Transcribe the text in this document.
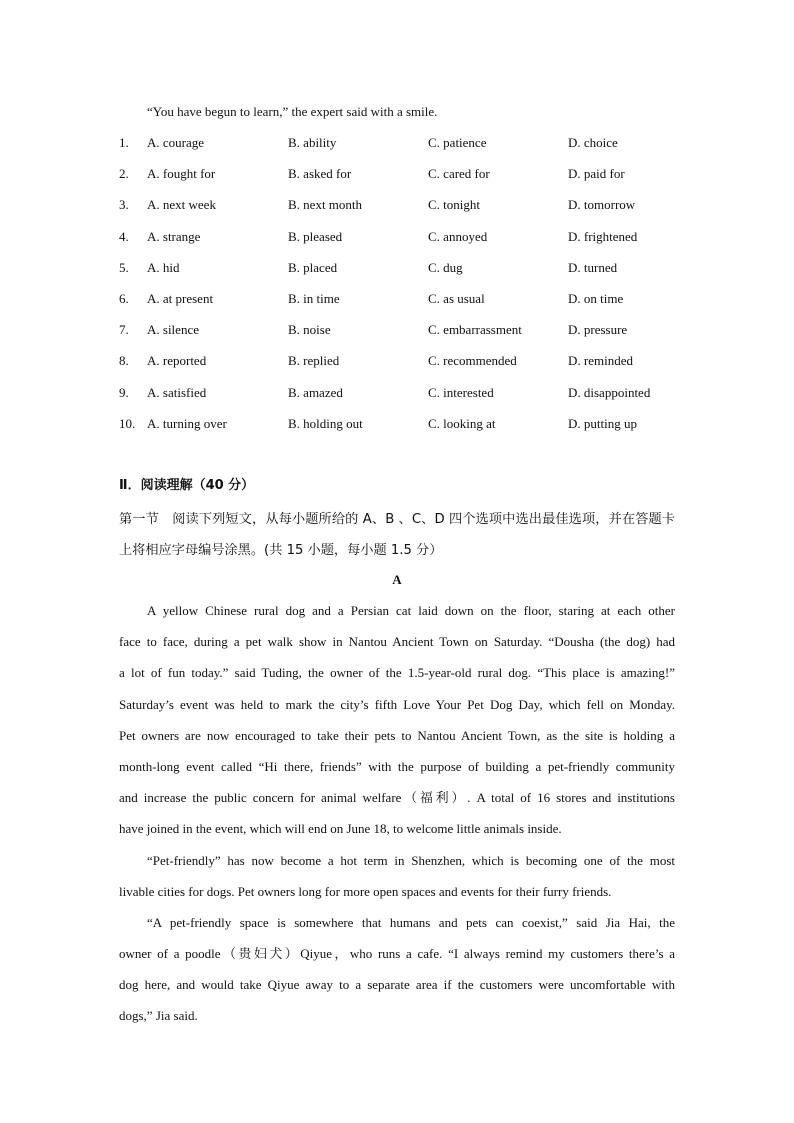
“You have begun to learn,” the expert said with a smile.
1. A. courage	B. ability	C. patience	D. choice
2. A. fought for	B. asked for	C. cared for	D. paid for
3. A. next week	B. next month	C. tonight	D. tomorrow
4. A. strange	B. pleased	C. annoyed	D. frightened
5. A. hid	B. placed	C. dug	D. turned
6. A. at present	B. in time	C. as usual	D. on time
7. A. silence	B. noise	C. embarrassment	D. pressure
8. A. reported	B. replied	C. recommended	D. reminded
9. A. satisfied	B. amazed	C. interested	D. disappointed
10. A. turning over	B. holding out	C. looking at	D. putting up
Ⅱ．阅读理解（40 分）

第一节　阅读下列短文，从每小题所给的 A、B 、C、D 四个选项中选出最佳选项，并在答题卡上将相应字母编号涂黑。(共 15 小题，每小题 1.5 分）

A
A yellow Chinese rural dog and a Persian cat laid down on the floor, staring at each other
face to face, during a pet walk show in Nantou Ancient Town on Saturday. “Dousha (the dog) had
a lot of fun today.” said Tuding, the owner of the 1.5-year-old rural dog. “This place is amazing!”
Saturday’s event was held to mark the city’s fifth Love Your Pet Dog Day, which fell on Monday.
Pet owners are now encouraged to take their pets to Nantou Ancient Town, as the site is holding a
month-long event called “Hi there, friends” with the purpose of building a pet-friendly community
and increase the public concern for animal welfare（福利）. A total of 16 stores and institutions
have joined in the event, which will end on June 18, to welcome little animals inside.
“Pet-friendly” has now become a hot term in Shenzhen, which is becoming one of the most
livable cities for dogs. Pet owners long for more open spaces and events for their furry friends.
“A pet-friendly space is somewhere that humans and pets can coexist,” said Jia Hai, the
owner of a poodle（贵妇犬）Qiyue，who runs a cafe. “I always remind my customers there’s a
dog here, and would take Qiyue away to a separate area if the customers were uncomfortable with
dogs,” Jia said.
